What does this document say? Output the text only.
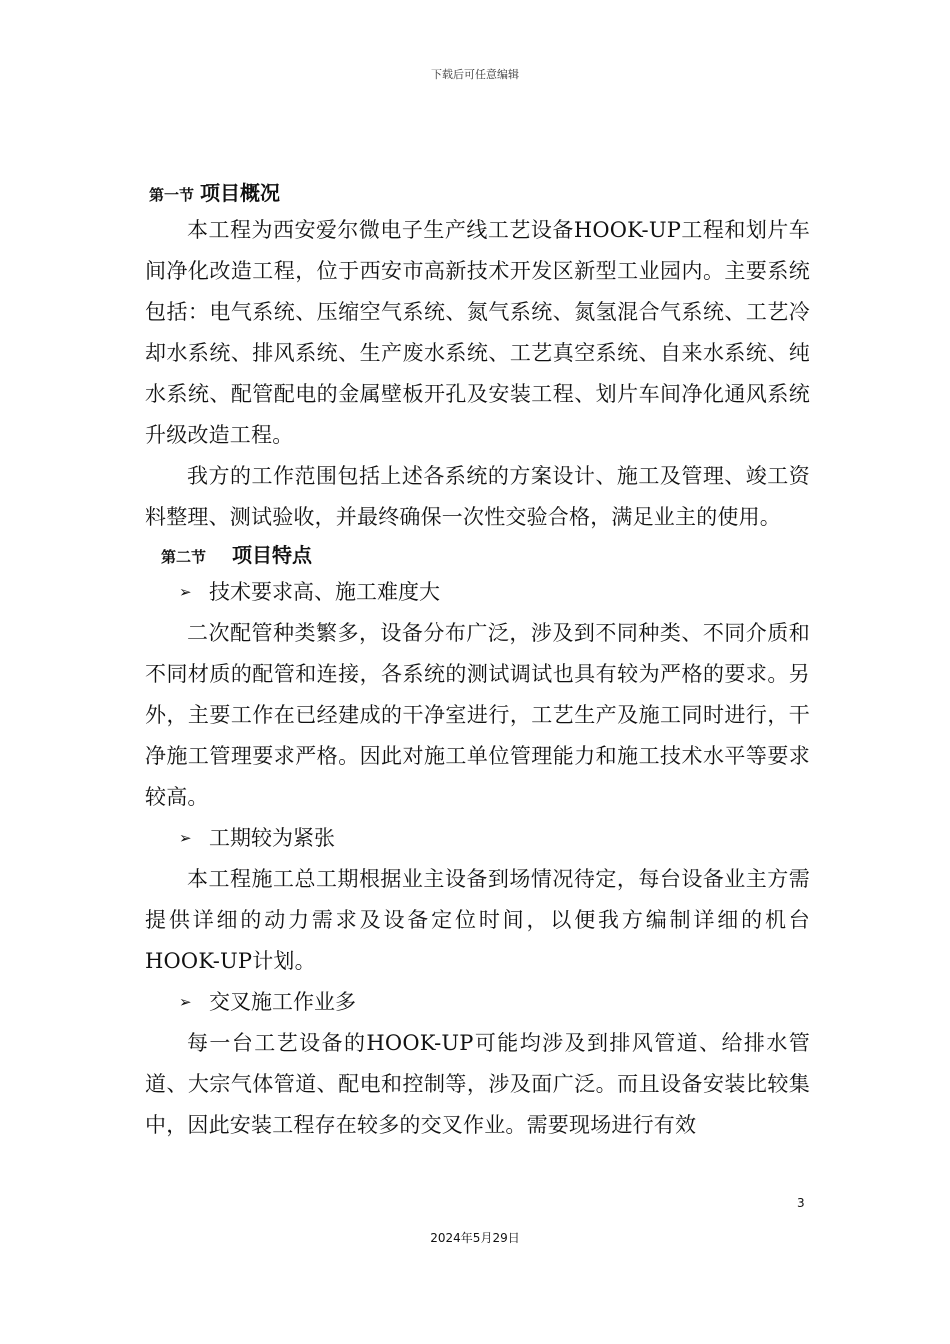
下载后可任意编辑
第一节 项目概况

本工程为西安爱尔微电子生产线工艺设备HOOK-UP工程和划片车间净化改造工程，位于西安市高新技术开发区新型工业园内。主要系统包括：电气系统、压缩空气系统、氮气系统、氮氢混合气系统、工艺冷却水系统、排风系统、生产废水系统、工艺真空系统、自来水系统、纯水系统、配管配电的金属壁板开孔及安装工程、划片车间净化通风系统升级改造工程。

我方的工作范围包括上述各系统的方案设计、施工及管理、竣工资料整理、测试验收，并最终确保一次性交验合格，满足业主的使用。

第二节 项目特点
➢ 技术要求高、施工难度大

二次配管种类繁多，设备分布广泛，涉及到不同种类、不同介质和不同材质的配管和连接，各系统的测试调试也具有较为严格的要求。另外，主要工作在已经建成的干净室进行，工艺生产及施工同时进行，干净施工管理要求严格。因此对施工单位管理能力和施工技术水平等要求较高。

➢ 工期较为紧张

本工程施工总工期根据业主设备到场情况待定，每台设备业主方需提供详细的动力需求及设备定位时间，以便我方编制详细的机台HOOK-UP计划。

➢ 交叉施工作业多

每一台工艺设备的HOOK-UP可能均涉及到排风管道、给排水管道、大宗气体管道、配电和控制等，涉及面广泛。而且设备安装比较集中，因此安装工程存在较多的交叉作业。需要现场进行有效

3
2024年5月29日
